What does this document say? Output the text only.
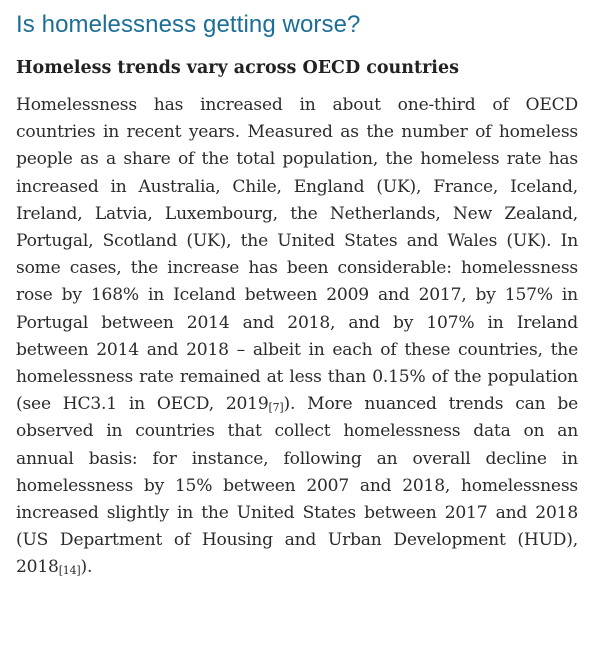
Is homelessness getting worse?
Homeless trends vary across OECD countries

Homelessness has increased in about one-third of OECD countries in recent years. Measured as the number of homeless people as a share of the total population, the homeless rate has increased in Australia, Chile, England (UK), France, Iceland, Ireland, Latvia, Luxembourg, the Netherlands, New Zealand, Portugal, Scotland (UK), the United States and Wales (UK). In some cases, the increase has been considerable: homelessness rose by 168% in Iceland between 2009 and 2017, by 157% in Portugal between 2014 and 2018, and by 107% in Ireland between 2014 and 2018 – albeit in each of these countries, the homelessness rate remained at less than 0.15% of the population (see HC3.1 in OECD, 2019[7]). More nuanced trends can be observed in countries that collect homelessness data on an annual basis: for instance, following an overall decline in homelessness by 15% between 2007 and 2018, homelessness increased slightly in the United States between 2017 and 2018 (US Department of Housing and Urban Development (HUD), 2018[14]).
